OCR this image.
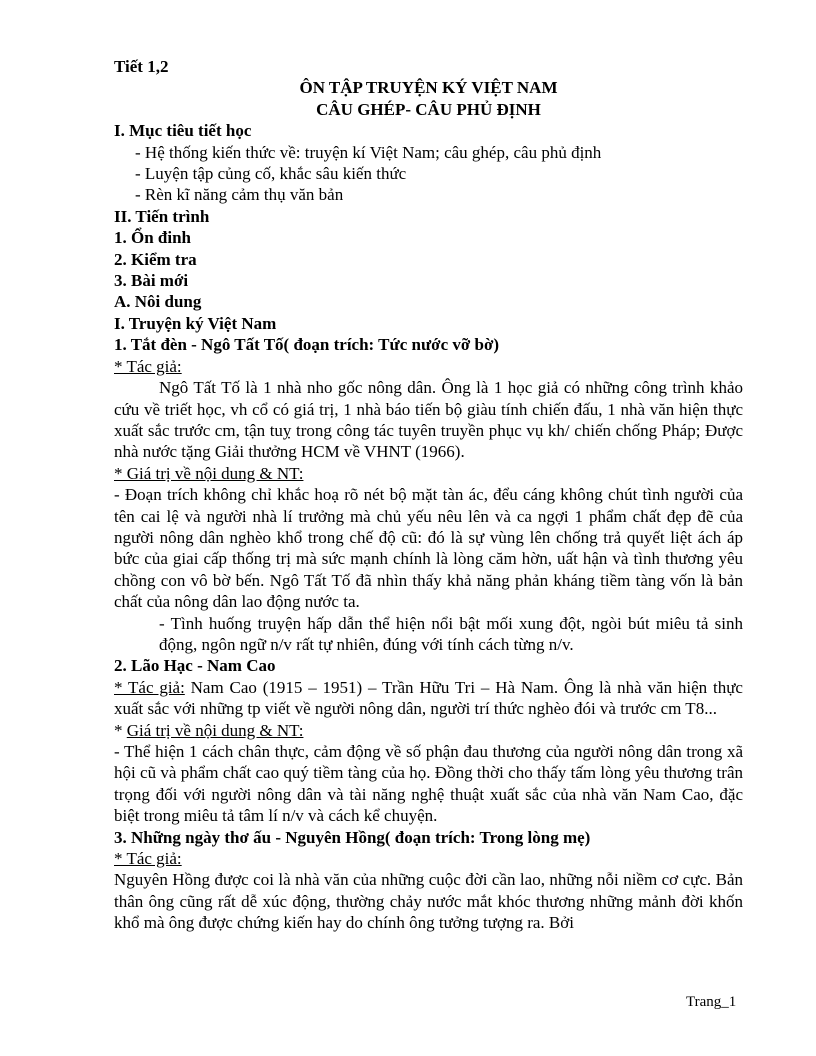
Tiết 1,2
ÔN TẬP TRUYỆN KÝ VIỆT NAM
CÂU GHÉP- CÂU PHỦ ĐỊNH
I. Mục tiêu tiết học
- Hệ thống kiến thức về: truyện kí Việt Nam; câu ghép, câu phủ định
- Luyện tập củng cố, khắc sâu kiến thức
- Rèn kĩ năng cảm thụ văn bản
II. Tiến trình
1. Ổn đinh
2. Kiểm tra
3. Bài mới
A. Nôi dung
I. Truyện ký Việt Nam
1. Tắt đèn - Ngô Tất Tố( đoạn trích: Tức nước vỡ bờ)
* Tác giả:
Ngô Tất Tố là 1 nhà nho gốc nông dân. Ông là 1 học giả có những công trình khảo cứu về triết học, vh cổ có giá trị, 1 nhà báo tiến bộ giàu tính chiến đấu, 1 nhà văn hiện thực xuất sắc trước cm, tận tuỵ trong công tác tuyên truyền phục vụ kh/ chiến chống Pháp; Được nhà nước tặng Giải thưởng HCM về VHNT (1966).
* Giá trị về nội dung & NT:
- Đoạn trích không chỉ khắc hoạ rõ nét bộ mặt tàn ác, đểu cáng không chút tình người của tên cai lệ và người nhà lí trưởng mà chủ yếu nêu lên và ca ngợi 1 phẩm chất đẹp đẽ của người nông dân nghèo khổ trong chế độ cũ: đó là sự vùng lên chống trả quyết liệt ách áp bức của giai cấp thống trị mà sức mạnh chính là lòng căm hờn, uất hận và tình thương yêu chồng con vô bờ bến. Ngô Tất Tố đã nhìn thấy khả năng phản kháng tiềm tàng vốn là bản chất của nông dân lao động nước ta.
- Tình huống truyện hấp dẫn thể hiện nổi bật mối xung đột, ngòi bút miêu tả sinh động, ngôn ngữ n/v rất tự nhiên, đúng với tính cách từng n/v.
2. Lão Hạc - Nam Cao
* Tác giả: Nam Cao (1915 – 1951) – Trần Hữu Tri – Hà Nam. Ông là nhà văn hiện thực xuất sắc với những tp viết về người nông dân, người trí thức nghèo đói và trước cm T8...
* Giá trị về nội dung & NT:
- Thể hiện 1 cách chân thực, cảm động về số phận đau thương của người nông dân trong xã hội cũ và phẩm chất cao quý tiềm tàng của họ. Đồng thời cho thấy tấm lòng yêu thương trân trọng đối với người nông dân và tài năng nghệ thuật xuất sắc của nhà văn Nam Cao, đặc biệt trong miêu tả tâm lí n/v và cách kể chuyện.
3. Những ngày thơ ấu - Nguyên Hồng( đoạn trích: Trong lòng mẹ)
* Tác giả:
Nguyên Hồng được coi là nhà văn của những cuộc đời cần lao, những nỗi niềm cơ cực. Bản thân ông cũng rất dễ xúc động, thường chảy nước mắt khóc thương những mảnh đời khốn khổ mà ông được chứng kiến hay do chính ông tưởng tượng ra. Bởi
Trang_1
